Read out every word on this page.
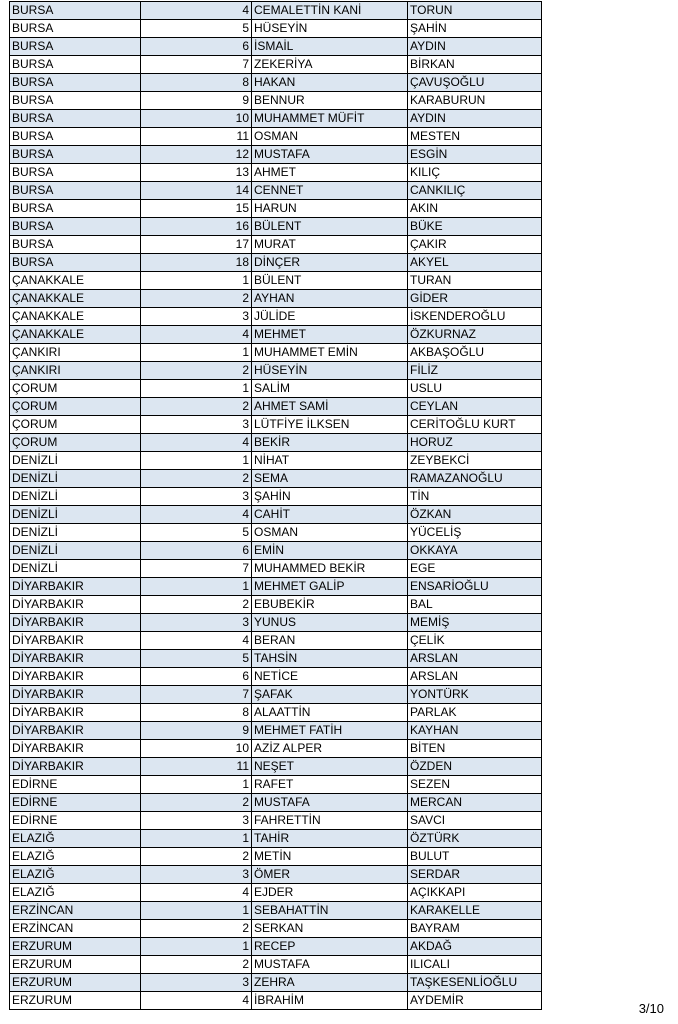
BURSA	4	CEMALETTİN KANİ	TORUN
BURSA	5	HÜSEYİN	ŞAHİN
BURSA	6	İSMAİL	AYDIN
BURSA	7	ZEKERİYA	BİRKAN
BURSA	8	HAKAN	ÇAVUŞOĞLU
BURSA	9	BENNUR	KARABURUN
BURSA	10	MUHAMMET MÜFİT	AYDIN
BURSA	11	OSMAN	MESTEN
BURSA	12	MUSTAFA	ESGİN
BURSA	13	AHMET	KILIÇ
BURSA	14	CENNET	CANKILIÇ
BURSA	15	HARUN	AKIN
BURSA	16	BÜLENT	BÜKE
BURSA	17	MURAT	ÇAKIR
BURSA	18	DİNÇER	AKYEL
ÇANAKKALE	1	BÜLENT	TURAN
ÇANAKKALE	2	AYHAN	GİDER
ÇANAKKALE	3	JÜLİDE	İSKENDEROĞLU
ÇANAKKALE	4	MEHMET	ÖZKURNAZ
ÇANKIRI	1	MUHAMMET EMİN	AKBAŞOĞLU
ÇANKIRI	2	HÜSEYİN	FİLİZ
ÇORUM	1	SALİM	USLU
ÇORUM	2	AHMET SAMİ	CEYLAN
ÇORUM	3	LÜTFİYE İLKSEN	CERİTOĞLU KURT
ÇORUM	4	BEKİR	HORUZ
DENİZLİ	1	NİHAT	ZEYBEKCİ
DENİZLİ	2	SEMA	RAMAZANOĞLU
DENİZLİ	3	ŞAHİN	TİN
DENİZLİ	4	CAHİT	ÖZKAN
DENİZLİ	5	OSMAN	YÜCELİŞ
DENİZLİ	6	EMİN	OKKAYA
DENİZLİ	7	MUHAMMED BEKİR	EGE
DİYARBAKIR	1	MEHMET GALİP	ENSARİOĞLU
DİYARBAKIR	2	EBUBEKİR	BAL
DİYARBAKIR	3	YUNUS	MEMİŞ
DİYARBAKIR	4	BERAN	ÇELİK
DİYARBAKIR	5	TAHSİN	ARSLAN
DİYARBAKIR	6	NETİCE	ARSLAN
DİYARBAKIR	7	ŞAFAK	YONTÜRK
DİYARBAKIR	8	ALAATTİN	PARLAK
DİYARBAKIR	9	MEHMET FATİH	KAYHAN
DİYARBAKIR	10	AZİZ ALPER	BİTEN
DİYARBAKIR	11	NEŞET	ÖZDEN
EDİRNE	1	RAFET	SEZEN
EDİRNE	2	MUSTAFA	MERCAN
EDİRNE	3	FAHRETTİN	SAVCI
ELAZIĞ	1	TAHİR	ÖZTÜRK
ELAZIĞ	2	METİN	BULUT
ELAZIĞ	3	ÖMER	SERDAR
ELAZIĞ	4	EJDER	AÇIKKAPI
ERZİNCAN	1	SEBAHATTİN	KARAKELLE
ERZİNCAN	2	SERKAN	BAYRAM
ERZURUM	1	RECEP	AKDAĞ
ERZURUM	2	MUSTAFA	ILICALI
ERZURUM	3	ZEHRA	TAŞKESENLİOĞLU
ERZURUM	4	İBRAHİM	AYDEMİR
3/10
